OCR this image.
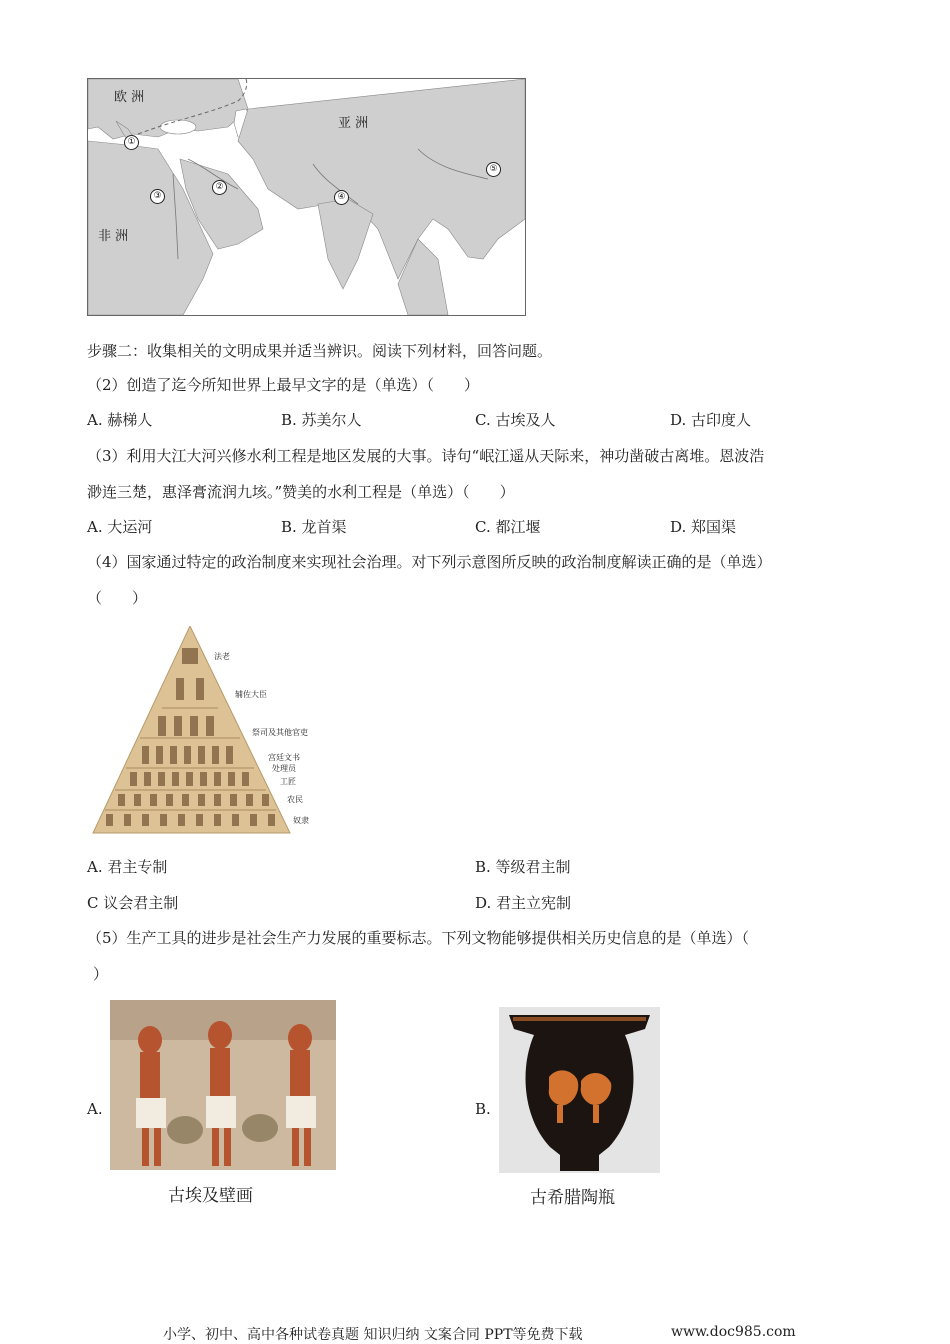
欧 洲
亚 洲
非 洲
①
②
③	④
⑤
步骤二：收集相关的文明成果并适当辨识。阅读下列材料，回答问题。
（2）创造了迄今所知世界上最早文字的是（单选）（　　）
A. 赫梯人	B. 苏美尔人	C. 古埃及人	D. 古印度人
（3）利用大江大河兴修水利工程是地区发展的大事。诗句“岷江遥从天际来，神功凿破古离堆。恩波浩
渺连三楚，惠泽膏流润九垓。”赞美的水利工程是（单选）（　　）
A. 大运河	B. 龙首渠	C. 都江堰	D. 郑国渠
（4）国家通过特定的政治制度来实现社会治理。对下列示意图所反映的政治制度解读正确的是（单选）
（　　）
法老
辅佐大臣
祭司及其他官吏
宫廷文书
处理员
工匠
农民
奴隶
A. 君主专制	B. 等级君主制
C 议会君主制	D. 君主立宪制
（5）生产工具的进步是社会生产力发展的重要标志。下列文物能够提供相关历史信息的是（单选）（
）
A.
古埃及壁画
B.
古希腊陶瓶
小学、初中、高中各种试卷真题 知识归纳 文案合同 PPT等免费下载	www.doc985.com
